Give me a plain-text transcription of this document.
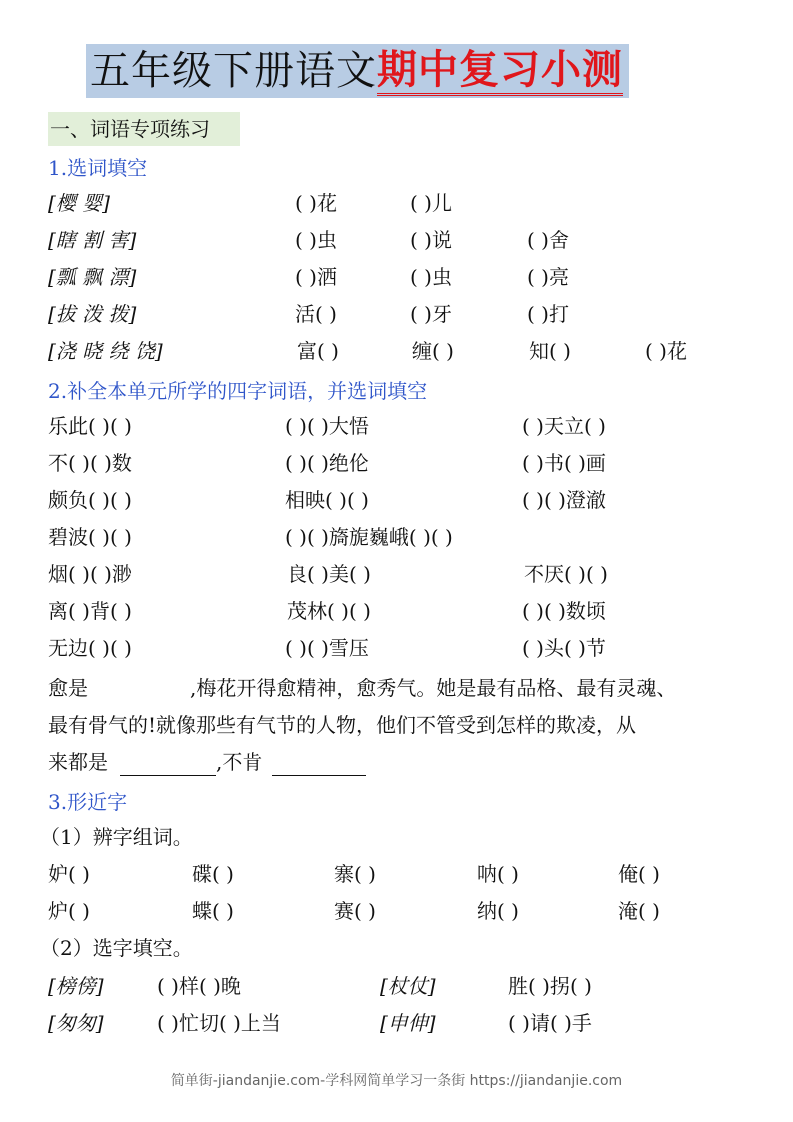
五年级下册语文 期中复习小测
一、词语专项练习
1.选词填空
[樱 婴]	( )花	( )儿
[瞎 割 害]	( )虫	( )说	( )舍
[瓢 飘 漂]	( )洒	( )虫	( )亮
[拔 泼 拨]	活( )	( )牙	( )打
[浇 晓 绕 饶]	富( )	缠( )	知( )	( )花
2.补全本单元所学的四字词语，并选词填空
乐此( )( )	( )( )大悟	( )天立( )
不( )( )数	( )( )绝伦	( )书( )画
颇负( )( )	相映( )( )	( )( )澄澈
碧波( )( )	( )( )旖旎巍峨( )( )
烟( )( )渺	良( )美( )	不厌( )( )
离( )背( )	茂林( )( )	( )( )数顷
无边( )( )	( )( )雪压	( )头( )节
愈是	,梅花开得愈精神，愈秀气。她是最有品格、最有灵魂、
最有骨气的!就像那些有气节的人物，他们不管受到怎样的欺凌，从
来都是	,不肯
3.形近字
（1）辨字组词。
妒( )	碟( )	寨( )	呐( )	俺( )
炉( )	蝶( )	赛( )	纳( )	淹( )
（2）选字填空。
[榜傍]	( )样( )晚	[杖仗]	胜( )拐( )
[匆匆]	( )忙切( )上当	[申伸]	( )请( )手
简单街-jiandanjie.com-学科网简单学习一条街 https://jiandanjie.com
